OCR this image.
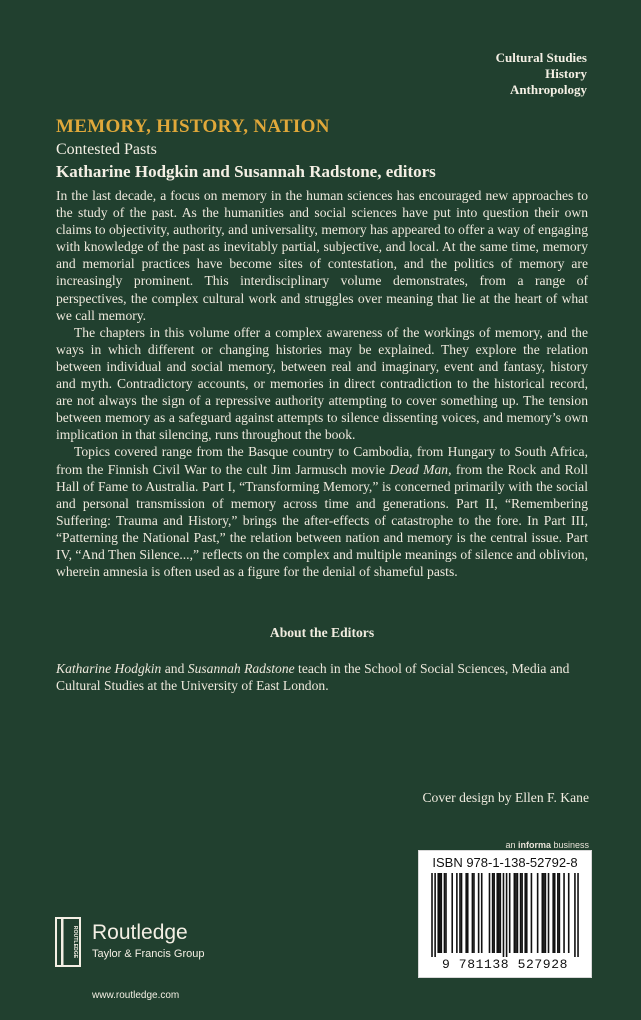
Cultural Studies
History
Anthropology
MEMORY, HISTORY, NATION
Contested Pasts
Katharine Hodgkin and Susannah Radstone, editors

In the last decade, a focus on memory in the human sciences has encouraged new approaches to the study of the past. As the humanities and social sciences have put into question their own claims to objectivity, authority, and universality, memory has appeared to offer a way of engaging with knowledge of the past as inevitably partial, subjective, and local. At the same time, memory and memorial practices have become sites of contestation, and the politics of memory are increasingly prominent. This interdisciplinary volume demonstrates, from a range of perspectives, the complex cultural work and struggles over meaning that lie at the heart of what we call memory.

The chapters in this volume offer a complex awareness of the workings of memory, and the ways in which different or changing histories may be explained. They explore the relation between individual and social memory, between real and imaginary, event and fantasy, history and myth. Contradictory accounts, or memories in direct contradiction to the historical record, are not always the sign of a repressive authority attempting to cover something up. The tension between memory as a safeguard against attempts to silence dissenting voices, and memory’s own implication in that silencing, runs throughout the book.

Topics covered range from the Basque country to Cambodia, from Hungary to South Africa, from the Finnish Civil War to the cult Jim Jarmusch movie Dead Man, from the Rock and Roll Hall of Fame to Australia. Part I, “Transforming Memory,” is concerned primarily with the social and personal transmission of memory across time and generations. Part II, “Remembering Suffering: Trauma and History,” brings the after-effects of catastrophe to the fore. In Part III, “Patterning the National Past,” the relation between nation and memory is the central issue. Part IV, “And Then Silence...,” reflects on the complex and multiple meanings of silence and oblivion, wherein amnesia is often used as a figure for the denial of shameful pasts.

About the Editors
Katharine Hodgkin and Susannah Radstone teach in the School of Social Sciences, Media and Cultural Studies at the University of East London.
Cover design by Ellen F. Kane
an informa business
ISBN 978-1-138-52792-8
9 781138 527928
ROUTLEDGE Routledge
Taylor & Francis Group
www.routledge.com
